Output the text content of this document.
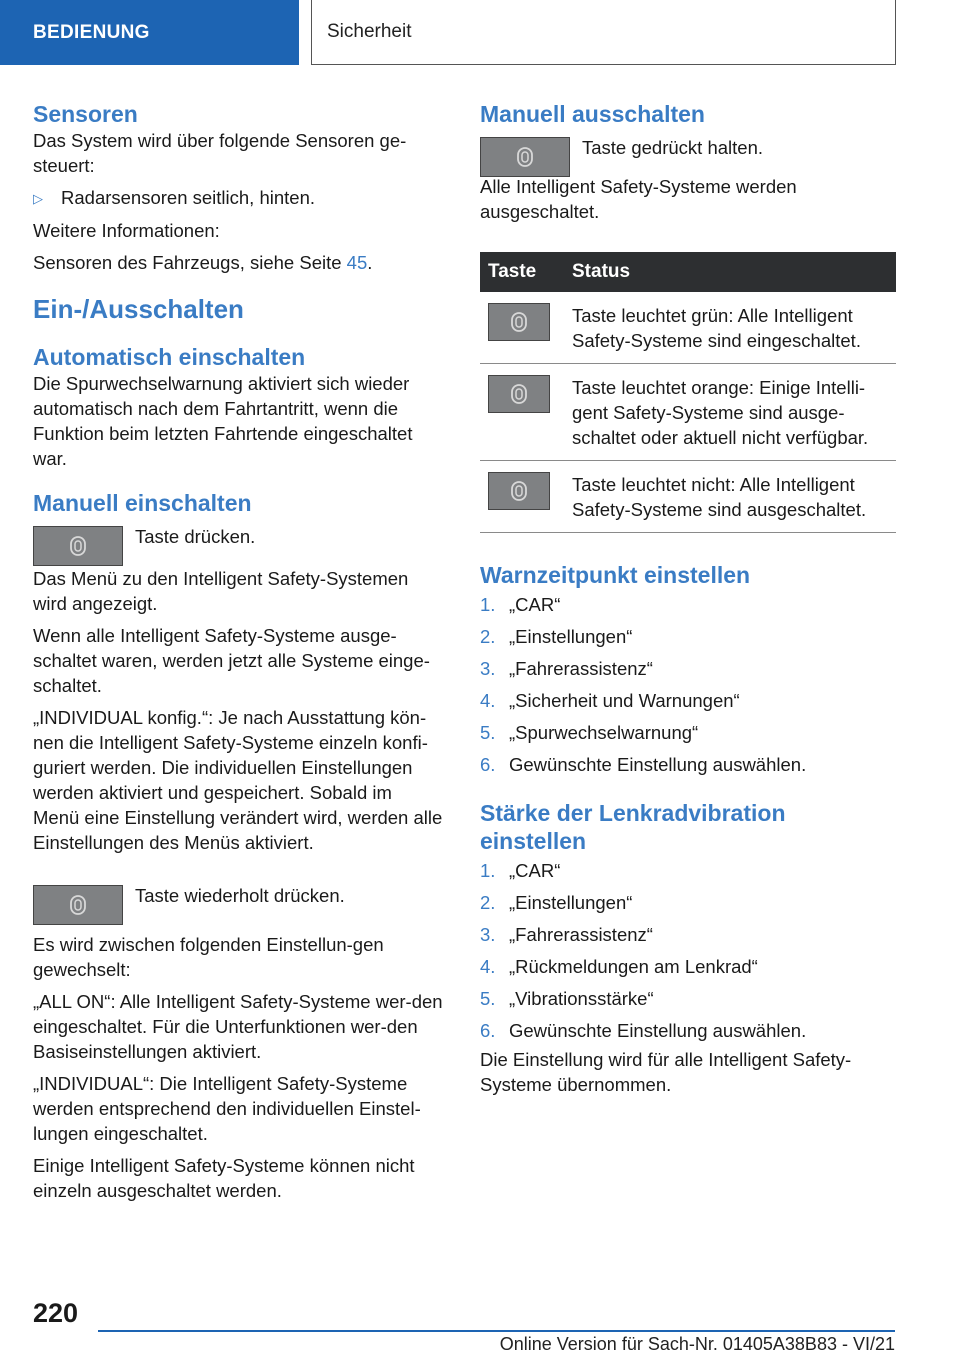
BEDIENUNG	Sicherheit
Sensoren

Das System wird über folgende Sensoren ge-steuert:

▷ Radarsensoren seitlich, hinten.

Weitere Informationen:

Sensoren des Fahrzeugs, siehe Seite 45.

Ein-/Ausschalten
Automatisch einschalten

Die Spurwechselwarnung aktiviert sich wieder automatisch nach dem Fahrtantritt, wenn die Funktion beim letzten Fahrtende eingeschaltet war.

Manuell einschalten

Taste drücken.

Das Menü zu den Intelligent Safety-Systemen wird angezeigt.

Wenn alle Intelligent Safety-Systeme ausge-schaltet waren, werden jetzt alle Systeme einge-schaltet.

„INDIVIDUAL konfig.“: Je nach Ausstattung kön-nen die Intelligent Safety-Systeme einzeln konfi-guriert werden. Die individuellen Einstellungen werden aktiviert und gespeichert. Sobald im Menü eine Einstellung verändert wird, werden alle Einstellungen des Menüs aktiviert.

Taste wiederholt drücken.

Es wird zwischen folgenden Einstellun-gen gewechselt:

„ALL ON“: Alle Intelligent Safety-Systeme wer-den eingeschaltet. Für die Unterfunktionen wer-den Basiseinstellungen aktiviert.

„INDIVIDUAL“: Die Intelligent Safety-Systeme werden entsprechend den individuellen Einstel-lungen eingeschaltet.

Einige Intelligent Safety-Systeme können nicht einzeln ausgeschaltet werden.

Manuell ausschalten

Taste gedrückt halten.

Alle Intelligent Safety-Systeme werden ausgeschaltet.

Taste	Status

	Taste leuchtet grün: Alle Intelligent Safety-Systeme sind eingeschaltet.

	Taste leuchtet orange: Einige Intelli-gent Safety-Systeme sind ausge-schaltet oder aktuell nicht verfügbar.

	Taste leuchtet nicht: Alle Intelligent Safety-Systeme sind ausgeschaltet.
Warnzeitpunkt einstellen
1. „CAR“
2. „Einstellungen“
3. „Fahrerassistenz“
4. „Sicherheit und Warnungen“
5. „Spurwechselwarnung“
6. Gewünschte Einstellung auswählen.
Stärke der Lenkradvibration einstellen
1. „CAR“
2. „Einstellungen“
3. „Fahrerassistenz“
4. „Rückmeldungen am Lenkrad“
5. „Vibrationsstärke“
6. Gewünschte Einstellung auswählen.

Die Einstellung wird für alle Intelligent Safety-Systeme übernommen.

220
Online Version für Sach-Nr. 01405A38B83 - VI/21
